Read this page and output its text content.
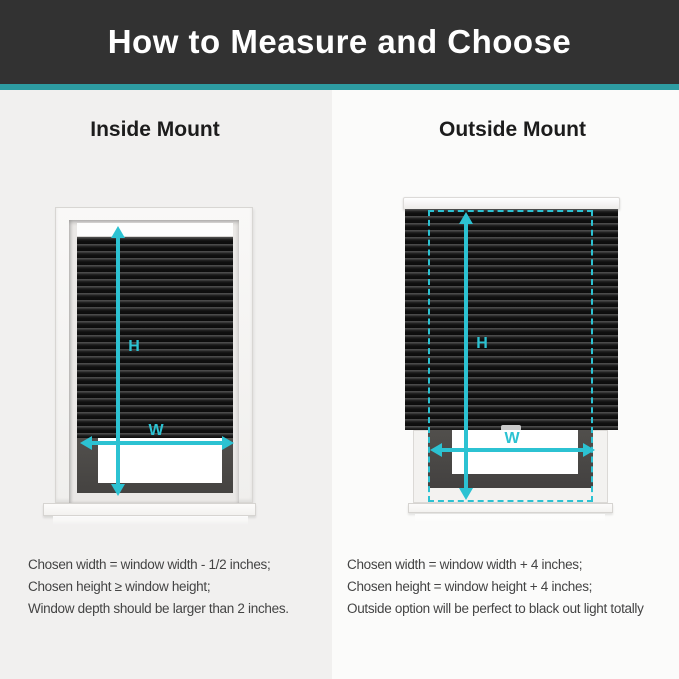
How to Measure and Choose
Inside Mount	Outside Mount
H
W
H
W

Chosen width = window width - 1/2 inches;

Chosen height ≥ window height;

Window depth should be larger than 2 inches.

Chosen width = window width + 4 inches;

Chosen height = window height + 4 inches;

Outside option will be perfect to black out light totally
